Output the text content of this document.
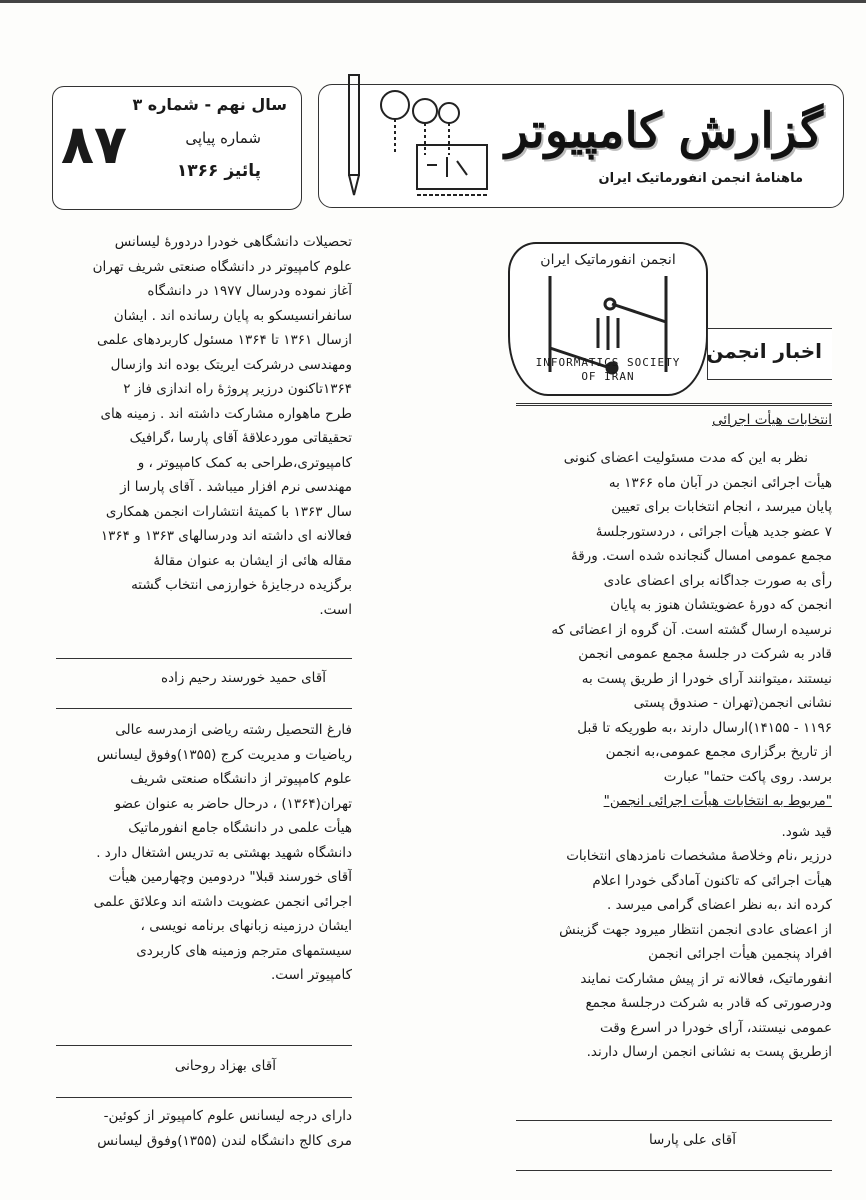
سال نهم - شماره ۳
شماره پیاپی
پائیز ۱۳۶۶
۸۷	گزارش کامپیوتر
ماهنامهٔ انجمن انفورماتیک ایران
انجمن انفورماتیک ایران
INFORMATICS SOCIETY
OF IRAN
اخبار انجمن
انتخابات هیأت اجرائی

نظر به این که مدت مسئولیت اعضای کنونی

هیأت اجرائی انجمن در آبان ماه ۱۳۶۶ به

پایان میرسد ، انجام انتخابات برای تعیین

۷ عضو جدید هیأت اجرائی ، دردستورجلسهٔ

مجمع عمومی امسال گنجانده شده است. ورقهٔ

رأی به صورت جداگانه برای اعضای عادی

انجمن که دورهٔ عضویتشان هنوز به پایان

نرسیده ارسال گشته است. آن گروه از اعضائی که

قادر به شرکت در جلسهٔ مجمع عمومی انجمن

نیستند ،میتوانند آرای خودرا از طریق پست به

نشانی انجمن(تهران - صندوق پستی

۱۱۹۶ - ۱۴۱۵۵)ارسال دارند ،به طوریکه تا قبل

از تاریخ برگزاری مجمع عمومی،به انجمن

برسد. روی پاکت حتما" عبارت

"مربوط به انتخابات هیأت اجرائی انجمن"

قید شود.

درزیر ،نام وخلاصهٔ مشخصات نامزدهای انتخابات

هیأت اجرائی که تاکنون آمادگی خودرا اعلام

کرده اند ،به نظر اعضای گرامی میرسد .

از اعضای عادی انجمن انتظار میرود جهت گزینش

افراد پنجمین هیأت اجرائی انجمن

انفورماتیک، فعالانه تر از پیش مشارکت نمایند

ودرصورتی که قادر به شرکت درجلسهٔ مجمع

عمومی نیستند، آرای خودرا در اسرع وقت

ازطریق پست به نشانی انجمن ارسال دارند.

آقای علی پارسا

تحصیلات دانشگاهی خودرا دردورهٔ لیسانس

علوم کامپیوتر در دانشگاه صنعتی شریف تهران

آغاز نموده ودرسال ۱۹۷۷ در دانشگاه

سانفرانسیسکو به پایان رسانده اند . ایشان

ازسال ۱۳۶۱ تا ۱۳۶۴ مسئول کاربردهای علمی

ومهندسی درشرکت ایریتک بوده اند وازسال

۱۳۶۴تاکنون درزیر پروژهٔ راه اندازی فاز ۲

طرح ماهواره مشارکت داشته اند . زمینه های

تحقیقاتی موردعلاقهٔ آقای پارسا ،گرافیک

کامپیوتری،طراحی به کمک کامپیوتر ، و

مهندسی نرم افزار میباشد . آقای پارسا از

سال ۱۳۶۳ با کمیتهٔ انتشارات انجمن همکاری

فعالانه ای داشته اند ودرسالهای ۱۳۶۳ و ۱۳۶۴

مقاله هائی از ایشان به عنوان مقالهٔ

برگزیده درجایزهٔ خوارزمی انتخاب گشته

است.

آقای حمید خورسند رحیم زاده

فارغ التحصیل رشته ریاضی ازمدرسه عالی

ریاضیات و مدیریت کرج (۱۳۵۵)وفوق لیسانس

علوم کامپیوتر از دانشگاه صنعتی شریف

تهران(۱۳۶۴) ، درحال حاضر به عنوان عضو

هیأت علمی در دانشگاه جامع انفورماتیک

دانشگاه شهید بهشتی به تدریس اشتغال دارد .

آقای خورسند قبلا" دردومین وچهارمین هیأت

اجرائی انجمن عضویت داشته اند وعلائق علمی

ایشان درزمینه زبانهای برنامه نویسی ،

سیستمهای مترجم وزمینه های کاربردی

کامپیوتر است.

آقای بهزاد روحانی

دارای درجه لیسانس علوم کامپیوتر از کوئین-

مری کالج دانشگاه لندن (۱۳۵۵)وفوق لیسانس
